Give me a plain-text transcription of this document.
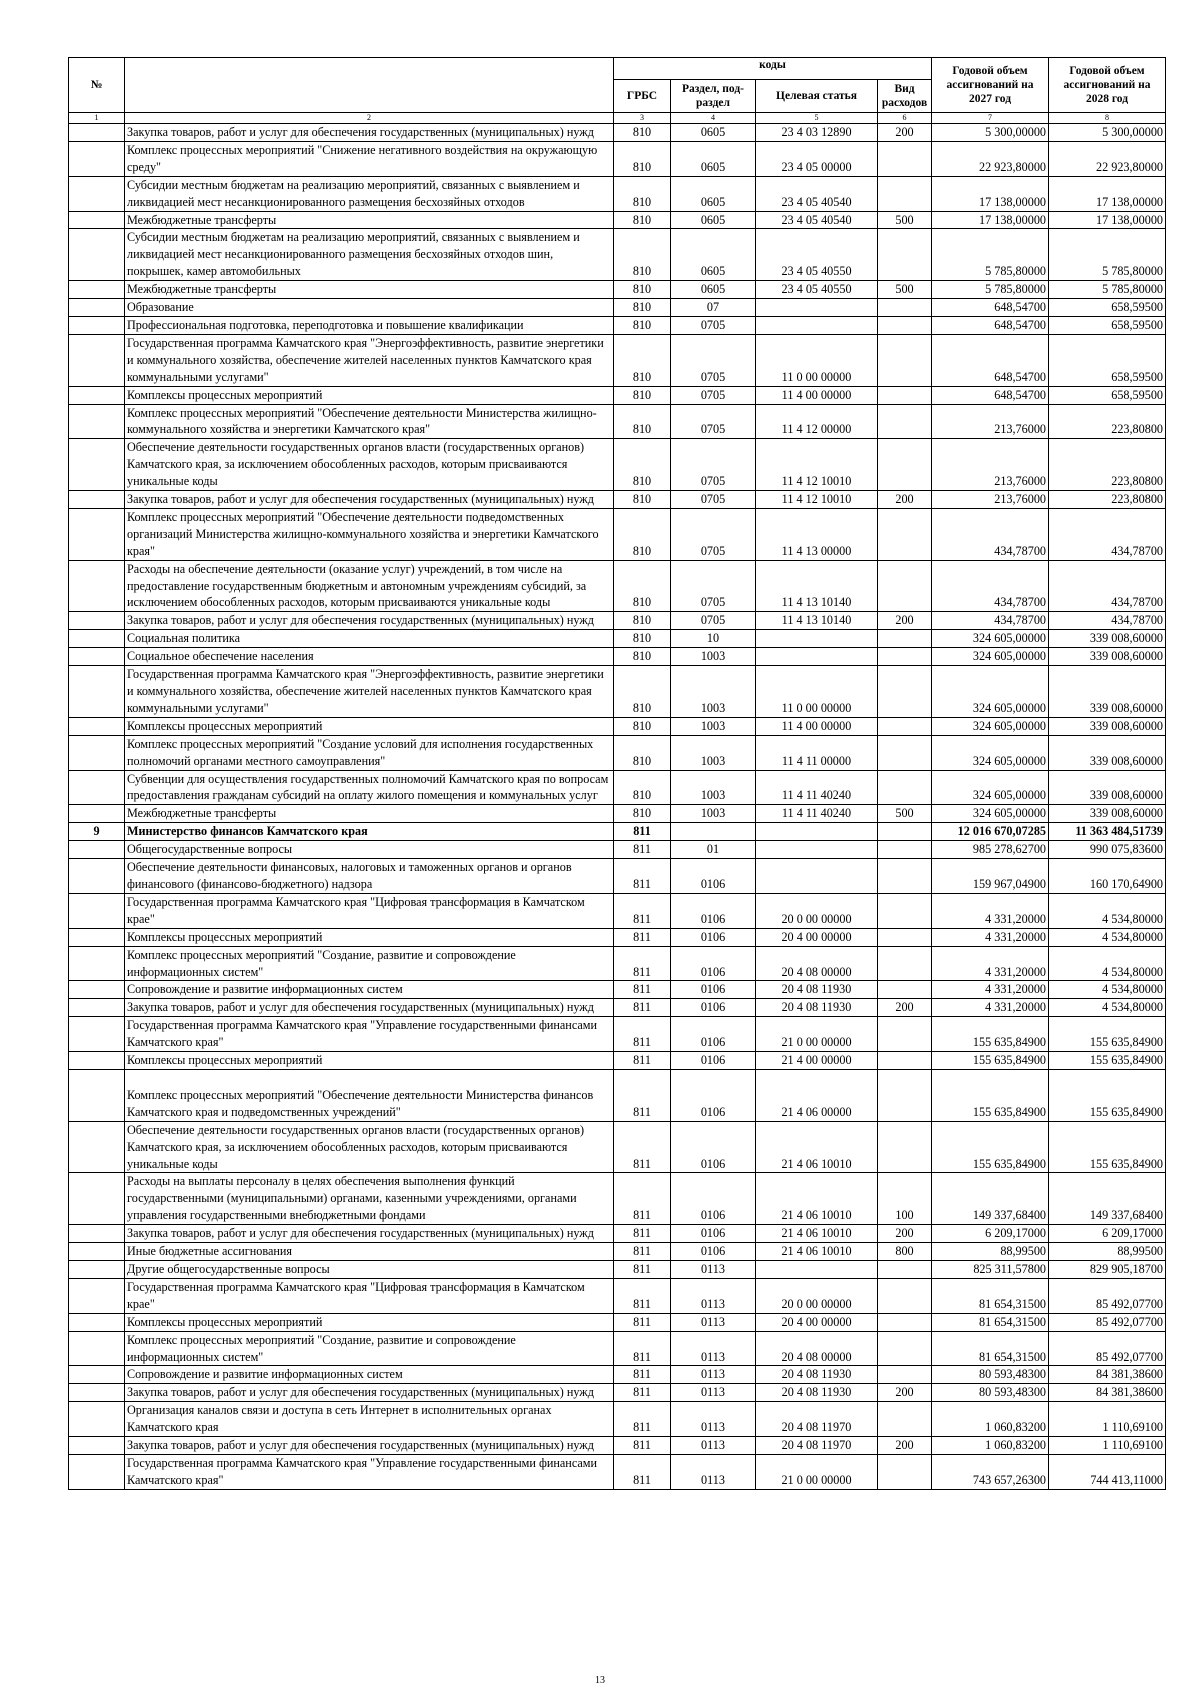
№		коды				Годовой объем ассигнований на 2027 год	Годовой объем ассигнований на 2028 год
		ГРБС	Раздел, под-раздел	Целевая статья	Вид расходов		
1	2	3	4	5	6	7	8
	Закупка товаров, работ и услуг для обеспечения государственных (муниципальных) нужд	810	0605	23 4 03 12890	200	5 300,00000	5 300,00000
	Комплекс процессных мероприятий "Снижение негативного воздействия на окружающую среду"	810	0605	23 4 05 00000		22 923,80000	22 923,80000
	Субсидии местным бюджетам на реализацию мероприятий, связанных с выявлением и ликвидацией мест несанкционированного размещения бесхозяйных отходов	810	0605	23 4 05 40540		17 138,00000	17 138,00000
	Межбюджетные трансферты	810	0605	23 4 05 40540	500	17 138,00000	17 138,00000
	Субсидии местным бюджетам на реализацию мероприятий, связанных с выявлением и ликвидацией мест несанкционированного размещения бесхозяйных отходов шин, покрышек, камер автомобильных	810	0605	23 4 05 40550		5 785,80000	5 785,80000
	Межбюджетные трансферты	810	0605	23 4 05 40550	500	5 785,80000	5 785,80000
	Образование	810	07			648,54700	658,59500
	Профессиональная подготовка, переподготовка и повышение квалификации	810	0705			648,54700	658,59500
	Государственная программа Камчатского края "Энергоэффективность, развитие энергетики и коммунального хозяйства, обеспечение жителей населенных пунктов Камчатского края коммунальными услугами"	810	0705	11 0 00 00000		648,54700	658,59500
	Комплексы процессных мероприятий	810	0705	11 4 00 00000		648,54700	658,59500
	Комплекс процессных мероприятий "Обеспечение деятельности Министерства жилищно-коммунального хозяйства и энергетики Камчатского края"	810	0705	11 4 12 00000		213,76000	223,80800
	Обеспечение деятельности государственных органов власти (государственных органов) Камчатского края, за исключением обособленных расходов, которым присваиваются уникальные коды	810	0705	11 4 12 10010		213,76000	223,80800
	Закупка товаров, работ и услуг для обеспечения государственных (муниципальных) нужд	810	0705	11 4 12 10010	200	213,76000	223,80800
	Комплекс процессных мероприятий "Обеспечение деятельности подведомственных организаций Министерства жилищно-коммунального хозяйства и энергетики Камчатского края"	810	0705	11 4 13 00000		434,78700	434,78700
	Расходы на обеспечение деятельности (оказание услуг) учреждений, в том числе на предоставление государственным бюджетным и автономным учреждениям субсидий, за исключением обособленных расходов, которым присваиваются уникальные коды	810	0705	11 4 13 10140		434,78700	434,78700
	Закупка товаров, работ и услуг для обеспечения государственных (муниципальных) нужд	810	0705	11 4 13 10140	200	434,78700	434,78700
	Социальная политика	810	10			324 605,00000	339 008,60000
	Социальное обеспечение населения	810	1003			324 605,00000	339 008,60000
	Государственная программа Камчатского края "Энергоэффективность, развитие энергетики и коммунального хозяйства, обеспечение жителей населенных пунктов Камчатского края коммунальными услугами"	810	1003	11 0 00 00000		324 605,00000	339 008,60000
	Комплексы процессных мероприятий	810	1003	11 4 00 00000		324 605,00000	339 008,60000
	Комплекс процессных мероприятий "Создание условий для исполнения государственных полномочий органами местного самоуправления"	810	1003	11 4 11 00000		324 605,00000	339 008,60000
	Субвенции для осуществления государственных полномочий Камчатского края по вопросам предоставления гражданам субсидий на оплату жилого помещения и коммунальных услуг	810	1003	11 4 11 40240		324 605,00000	339 008,60000
	Межбюджетные трансферты	810	1003	11 4 11 40240	500	324 605,00000	339 008,60000
9	Министерство финансов Камчатского края	811				12 016 670,07285	11 363 484,51739
	Общегосударственные вопросы	811	01			985 278,62700	990 075,83600
	Обеспечение деятельности финансовых, налоговых и таможенных органов и органов финансового (финансово-бюджетного) надзора	811	0106			159 967,04900	160 170,64900
	Государственная программа Камчатского края "Цифровая трансформация в Камчатском крае"	811	0106	20 0 00 00000		4 331,20000	4 534,80000
	Комплексы процессных мероприятий	811	0106	20 4 00 00000		4 331,20000	4 534,80000
	Комплекс процессных мероприятий "Создание, развитие и сопровождение информационных систем"	811	0106	20 4 08 00000		4 331,20000	4 534,80000
	Сопровождение и развитие информационных систем	811	0106	20 4 08 11930		4 331,20000	4 534,80000
	Закупка товаров, работ и услуг для обеспечения государственных (муниципальных) нужд	811	0106	20 4 08 11930	200	4 331,20000	4 534,80000
	Государственная программа Камчатского края "Управление государственными финансами Камчатского края"	811	0106	21 0 00 00000		155 635,84900	155 635,84900
	Комплексы процессных мероприятий	811	0106	21 4 00 00000		155 635,84900	155 635,84900
	Комплекс процессных мероприятий "Обеспечение деятельности Министерства финансов Камчатского края и подведомственных учреждений"	811	0106	21 4 06 00000		155 635,84900	155 635,84900
	Обеспечение деятельности государственных органов власти (государственных органов) Камчатского края, за исключением обособленных расходов, которым присваиваются уникальные коды	811	0106	21 4 06 10010		155 635,84900	155 635,84900
	Расходы на выплаты персоналу в целях обеспечения выполнения функций государственными (муниципальными) органами, казенными учреждениями, органами управления государственными внебюджетными фондами	811	0106	21 4 06 10010	100	149 337,68400	149 337,68400
	Закупка товаров, работ и услуг для обеспечения государственных (муниципальных) нужд	811	0106	21 4 06 10010	200	6 209,17000	6 209,17000
	Иные бюджетные ассигнования	811	0106	21 4 06 10010	800	88,99500	88,99500
	Другие общегосударственные вопросы	811	0113			825 311,57800	829 905,18700
	Государственная программа Камчатского края "Цифровая трансформация в Камчатском крае"	811	0113	20 0 00 00000		81 654,31500	85 492,07700
	Комплексы процессных мероприятий	811	0113	20 4 00 00000		81 654,31500	85 492,07700
	Комплекс процессных мероприятий "Создание, развитие и сопровождение информационных систем"	811	0113	20 4 08 00000		81 654,31500	85 492,07700
	Сопровождение и развитие информационных систем	811	0113	20 4 08 11930		80 593,48300	84 381,38600
	Закупка товаров, работ и услуг для обеспечения государственных (муниципальных) нужд	811	0113	20 4 08 11930	200	80 593,48300	84 381,38600
	Организация каналов связи и доступа в сеть Интернет в исполнительных органах Камчатского края	811	0113	20 4 08 11970		1 060,83200	1 110,69100
	Закупка товаров, работ и услуг для обеспечения государственных (муниципальных) нужд	811	0113	20 4 08 11970	200	1 060,83200	1 110,69100
	Государственная программа Камчатского края "Управление государственными финансами Камчатского края"	811	0113	21 0 00 00000		743 657,26300	744 413,11000
13
